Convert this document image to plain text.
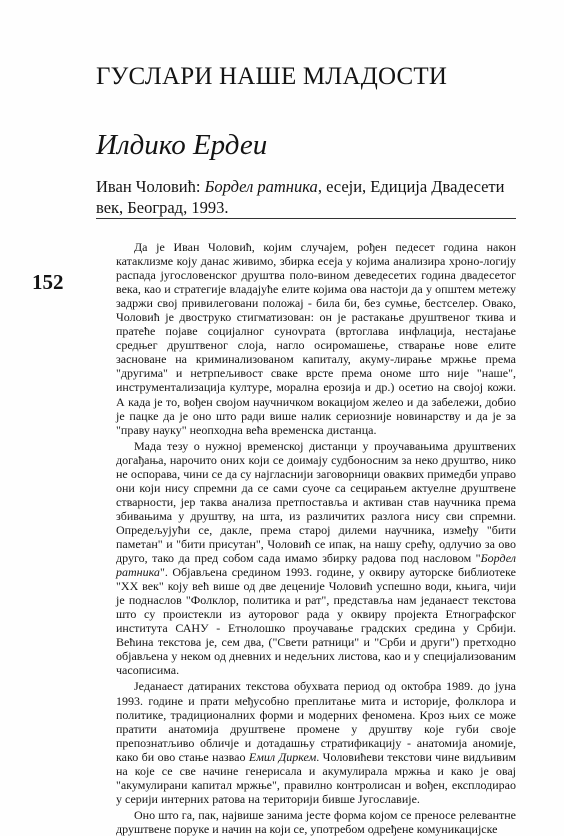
ГУСЛАРИ НАШЕ МЛАДОСТИ
Илдико Ердеи

Иван Чоловић: Бордел ратника, есеји, Едиција Двадесети век, Београд, 1993.

152

Да је Иван Чоловић, којим случајем, рођен педесет година након катаклизме коју данас живимо, збирка есеја у којима анализира хроно-логију распада југословенског друштва поло-вином деведесетих година двадесетог века, као и стратегије владајуће елите којима ова настоји да у општем метежу задржи свој привилеговани положај - била би, без сумње, бестселер. Овако, Чоловић је двоструко стигматизован: он је растакање друштвеног ткива и пратеће појаве социјалног сунovрата (вртоглава инфлација, нестајање средњег друштвеног слоја, нагло осиромашење, стварање нове елите засноване на криминализованом капиталу, акуму-лирање мржње према "другима" и нетрпељивост сваке врсте према ономе што није "наше", инструментализација културе, морална ерозија и др.) осетио на својој кожи. А када је то, вођен својом научничком вокацијом желео и да забележи, добио је пацке да је оно што ради више налик сериозније новинарству и да је за "праву науку" неопходна већа временска дистанца.

Мада тезу о нужној временској дистанци у проучавањима друштвених догађања, нарочито оних који се доимају судбоносним за неко друштво, нико не оспорава, чини се да су најгласнији заговорници оваквих примедби управо они који нису спремни да се сами суоче са сецирањем актуелне друштвене стварности, јер таква анализа претпоставља и активан став научника према збивањима у друштву, на шта, из различитих разлога нису сви спремни. Опредељујући се, дакле, према старој дилеми научника, између "бити паметан" и "бити присутан", Чоловић се ипак, на нашу срећу, одлучио за ово друго, тако да пред собом сада имамо збирку радова под насловом "Бордел ратника". Објављена средином 1993. године, у оквиру ауторске библиотеке "XX век" коју већ више од две деценије Чоловић успешно води, књига, чији је поднаслов "Фолклор, политика и рат", представља нам једанаест текстова што су проистекли из ауторовог рада у оквиру пројекта Етнографског института САНУ - Етнолошко проучавање градских средина у Србији. Већина текстова је, сем два, ("Свети ратници" и "Срби и други") претходно објављена у неком од дневних и недељних листова, као и у специјализованим часописима.

Једанаест датираних текстова обухвата период од октобра 1989. до јуна 1993. године и прати међусобно преплитање мита и историје, фолклора и политике, традиционалних форми и модерних феномена. Кроз њих се може пратити анатомија друштвене промене у друштву које губи своје препознатљиво обличје и дотадашњу стратификацију - анатомија аномије, како би ово стање назвао Емил Диркем. Чоловићеви текстови чине видљивим на које се све начине генерисала и акумулирала мржња и како је овај "акумулирани капитал мржње", правилно контролисан и вођен, експлодирао у серији интерних ратова на територији бивше Југославије.

Оно што га, пак, највише занима јесте форма којом се преносе релевантне друштвене поруке и начин на који се, употребом одређене комуникацијске
